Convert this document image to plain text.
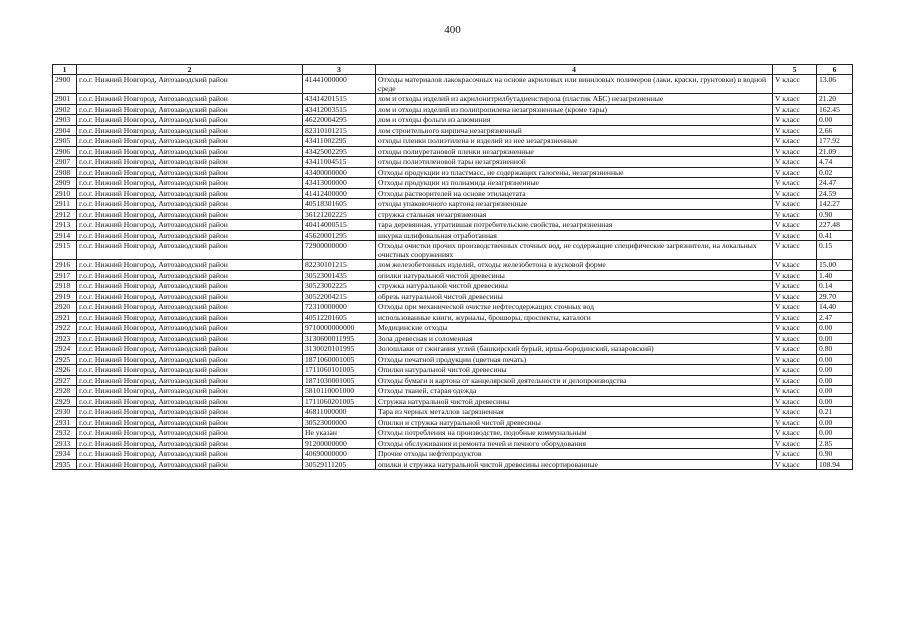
400
1	2	3	4	5	6
2900	г.о.г. Нижний Новгород, Автозаводский район	41441000000	Отходы материалов лакокрасочных на основе акриловых или виниловых полимеров (лаки, краски, грунтовки) в водной среде	V класс	13.06
2901	г.о.г. Нижний Новгород, Автозаводский район	43414201515	лом и отходы изделий из акрилонитрилбутадиенстирола (пластик АБС) незагрязненные	V класс	21.20
2902	г.о.г. Нижний Новгород, Автозаводский район	43412003515	лом и отходы изделий из полипропилена незагрязненные (кроме тары)	V класс	162.45
2903	г.о.г. Нижний Новгород, Автозаводский район	46220004295	лом и отходы фольги из алюминия	V класс	0.00
2904	г.о.г. Нижний Новгород, Автозаводский район	82310101215	лом строительного кирпича незагрязненный	V класс	2.66
2905	г.о.г. Нижний Новгород, Автозаводский район	43411002295	отходы пленки полиэтилена и изделий из нее незагрязненные	V класс	177.92
2906	г.о.г. Нижний Новгород, Автозаводский район	43425002295	отходы полиуретановой пленки незагрязненные	V класс	21.09
2907	г.о.г. Нижний Новгород, Автозаводский район	43411004515	отходы полиэтиленовой тары незагрязненной	V класс	4.74
2908	г.о.г. Нижний Новгород, Автозаводский район	43400000000	Отходы продукции из пластмасс, не содержащих галогены, незагрязненные	V класс	0.02
2909	г.о.г. Нижний Новгород, Автозаводский район	43413000000	Отходы продукции из полиамида незагрязненные	V класс	24.47
2910	г.о.г. Нижний Новгород, Автозаводский район	41412400000	Отходы растворителей на основе этилацетата	V класс	24.59
2911	г.о.г. Нижний Новгород, Автозаводский район	40518301605	отходы упаковочного картона незагрязненные	V класс	142.27
2912	г.о.г. Нижний Новгород, Автозаводский район	36121202225	стружка стальная незагрязненная	V класс	0.90
2913	г.о.г. Нижний Новгород, Автозаводский район	40414000515	тара деревянная, утратившая потребительские свойства, незагрязненная	V класс	227.48
2914	г.о.г. Нижний Новгород, Автозаводский район	45620001295	шкурка шлифовальная отработанная	V класс	0.41
2915	г.о.г. Нижний Новгород, Автозаводский район	72900000000	Отходы очистки прочих производственных сточных вод, не содержащие специфические загрязнители, на локальных очистных сооружениях	V класс	0.15
2916	г.о.г. Нижний Новгород, Автозаводский район	82230101215	лом железобетонных изделий, отходы железобетона в кусковой форме	V класс	15.00
2917	г.о.г. Нижний Новгород, Автозаводский район	30523001435	опилки натуральной чистой древесины	V класс	1.40
2918	г.о.г. Нижний Новгород, Автозаводский район	30523002225	стружка натуральной чистой древесины	V класс	0.14
2919	г.о.г. Нижний Новгород, Автозаводский район	30522004215	обрезь натуральной чистой древесины	V класс	29.70
2920	г.о.г. Нижний Новгород, Автозаводский район	72310000000	Отходы при механической очистке нефтесодержащих сточных вод	V класс	14.40
2921	г.о.г. Нижний Новгород, Автозаводский район	40512201605	использованные книги, журналы, брошюры, проспекты, каталоги	V класс	2.47
2922	г.о.г. Нижний Новгород, Автозаводский район	9710000000000	Медицинские отходы	V класс	0.00
2923	г.о.г. Нижний Новгород, Автозаводский район	3130600011995	Зола древесная и соломенная	V класс	0.00
2924	г.о.г. Нижний Новгород, Автозаводский район	3130020101995	Золошлаки от сжигания углей (башкирский бурый, ирша-бородинский, назаровский)	V класс	0.80
2925	г.о.г. Нижний Новгород, Автозаводский район	1871060001005	Отходы печатной продукции (цветная печать)	V класс	0.00
2926	г.о.г. Нижний Новгород, Автозаводский район	1711060101005	Опилки натуральной чистой древесины	V класс	0.00
2927	г.о.г. Нижний Новгород, Автозаводский район	1871030001005	Отходы бумаги и картона от канцелярской деятельности и делопроизводства	V класс	0.00
2928	г.о.г. Нижний Новгород, Автозаводский район	5810110001000	Отходы тканей, старая одежда	V класс	0.00
2929	г.о.г. Нижний Новгород, Автозаводский район	1711060201005	Стружка натуральной чистой древесины	V класс	0.00
2930	г.о.г. Нижний Новгород, Автозаводский район	46811000000	Тара из черных металлов загрязненная	V класс	0.21
2931	г.о.г. Нижний Новгород, Автозаводский район	30523000000	Опилки и стружка натуральной чистой древесины	V класс	0.00
2932	г.о.г. Нижний Новгород, Автозаводский район	Не указан	Отходы потребления на производстве, подобные коммунальным	V класс	0.00
2933	г.о.г. Нижний Новгород, Автозаводский район	91200000000	Отходы обслуживания и ремонта печей и печного оборудования	V класс	2.85
2934	г.о.г. Нижний Новгород, Автозаводский район	40690000000	Прочие отходы нефтепродуктов	V класс	0.90
2935	г.о.г. Нижний Новгород, Автозаводский район	30529111205	опилки и стружка натуральной чистой древесины несортированные	V класс	108.94
